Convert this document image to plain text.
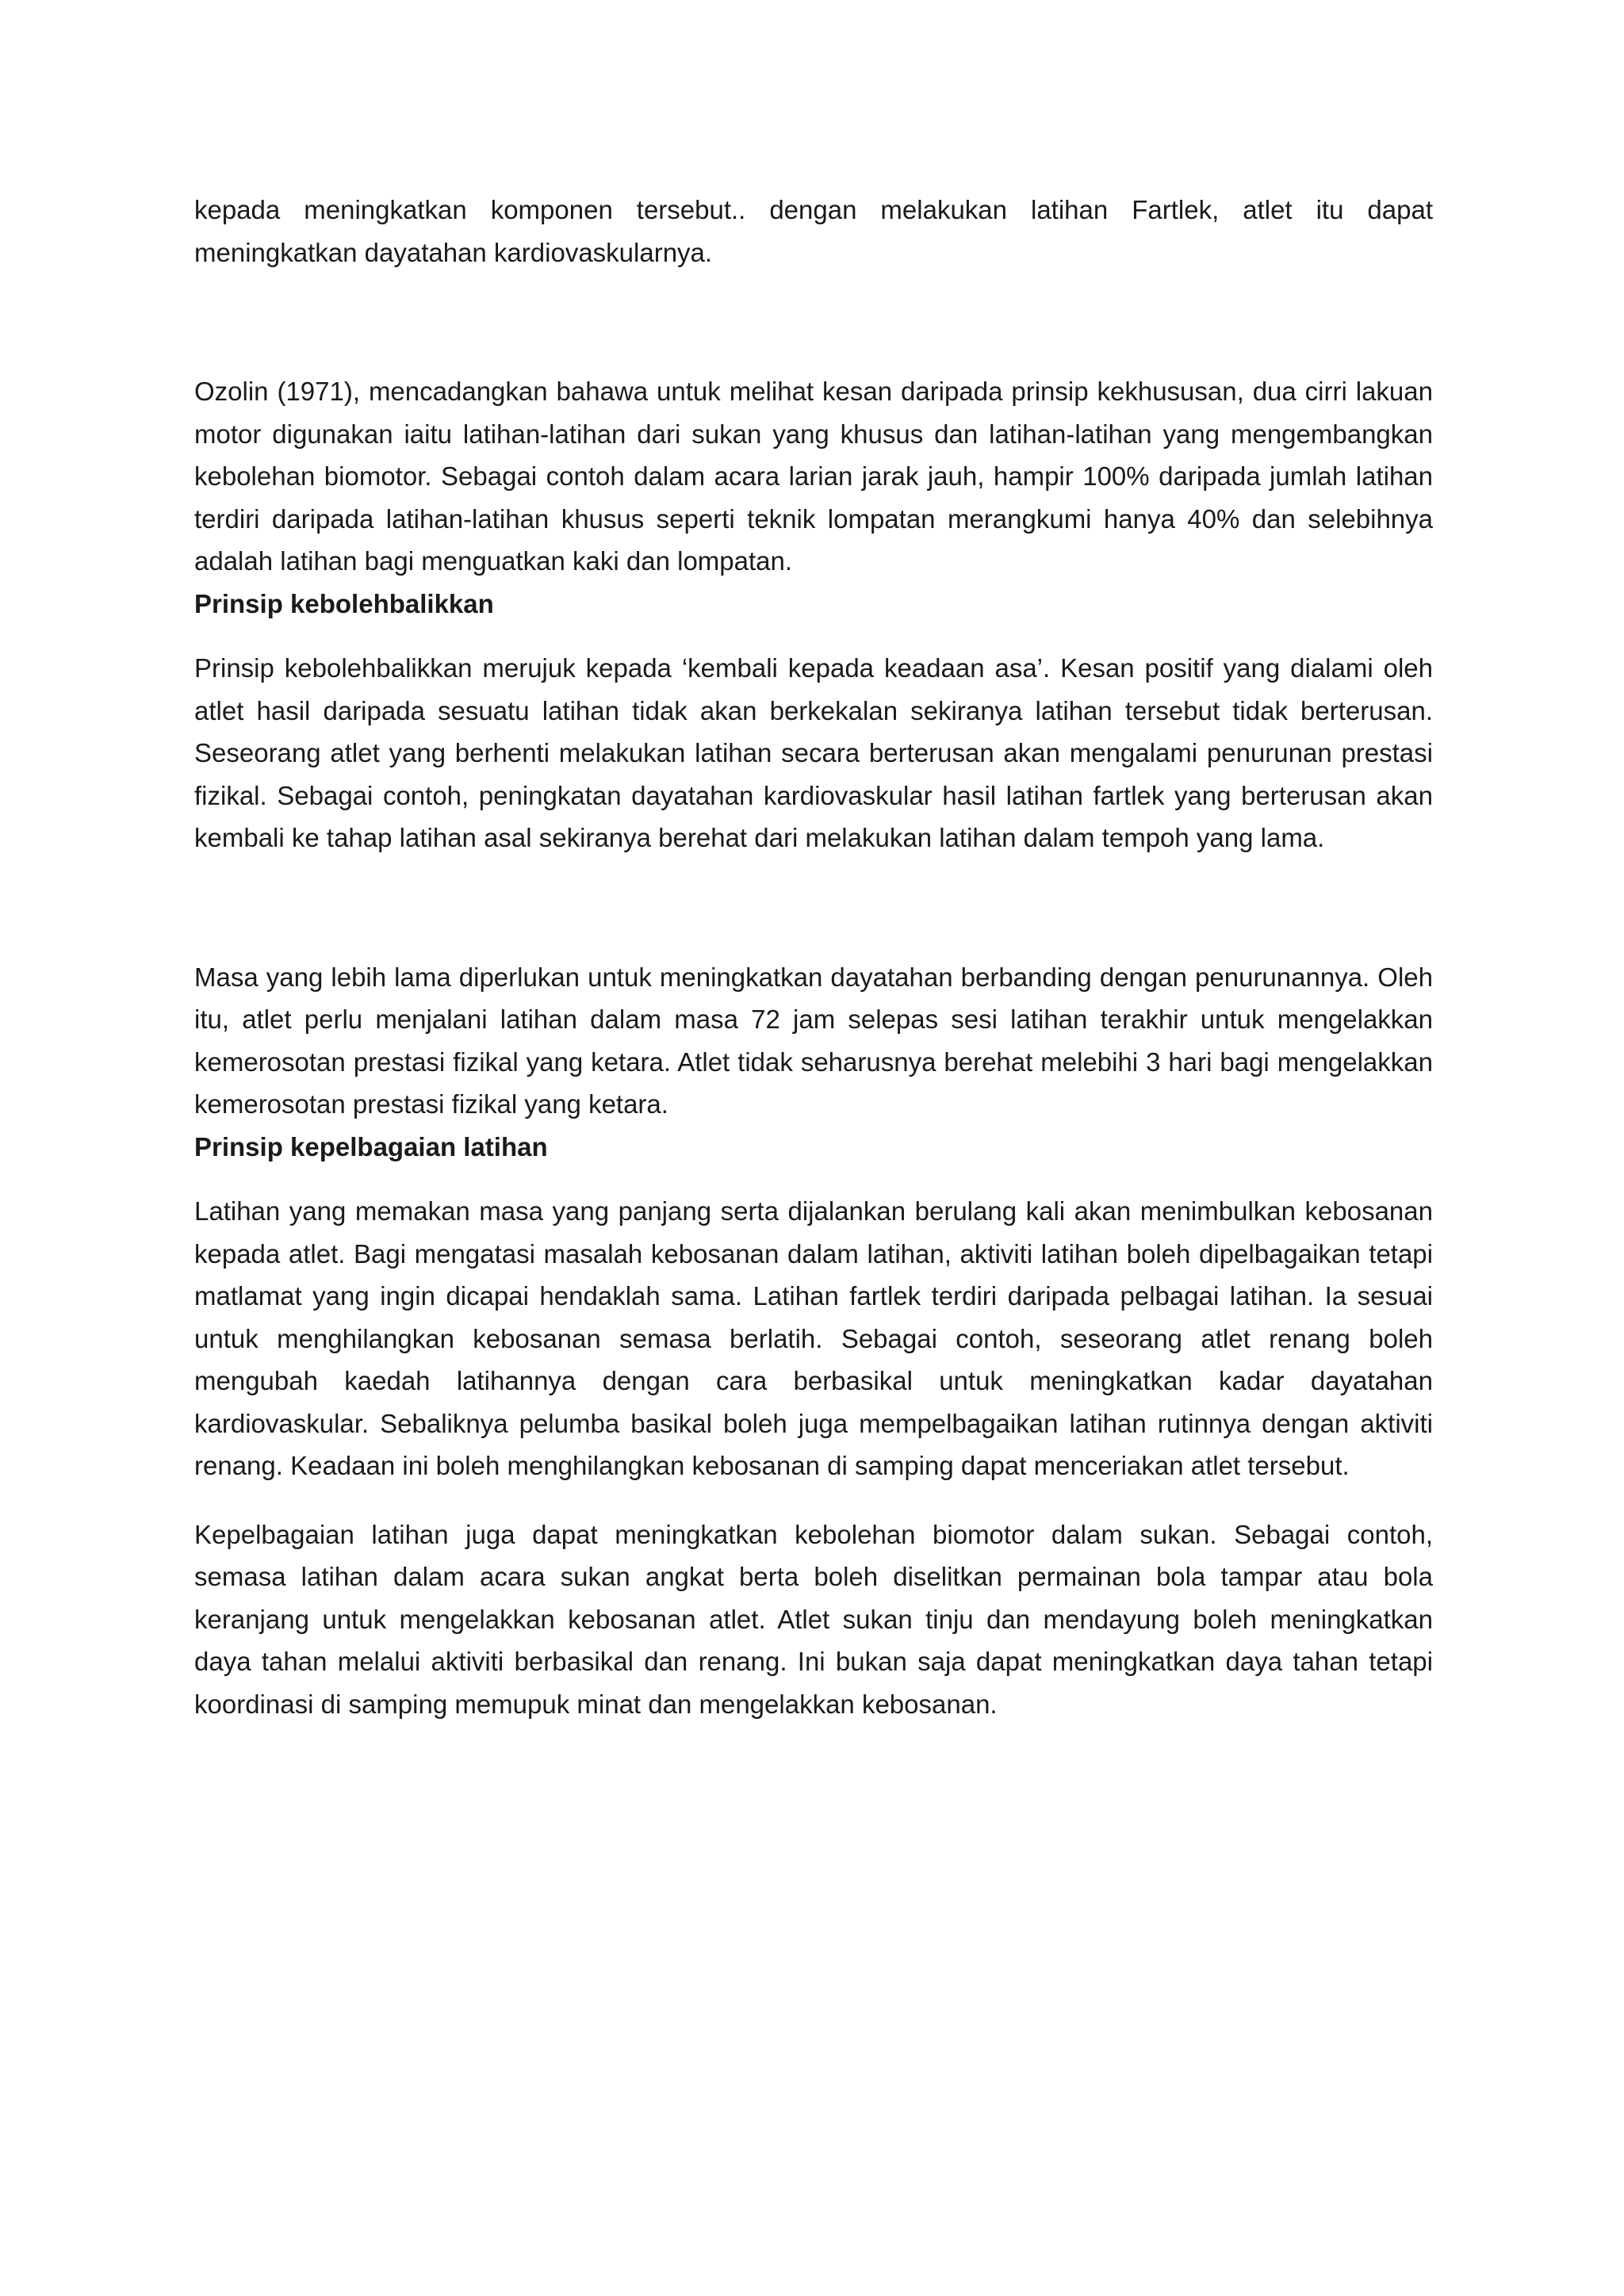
kepada meningkatkan komponen tersebut.. dengan melakukan latihan Fartlek, atlet itu dapat meningkatkan dayatahan kardiovaskularnya.

Ozolin (1971), mencadangkan bahawa untuk melihat kesan daripada prinsip kekhususan, dua cirri lakuan motor digunakan iaitu latihan-latihan dari sukan yang khusus dan latihan-latihan yang mengembangkan kebolehan biomotor. Sebagai contoh dalam acara larian jarak jauh, hampir 100% daripada jumlah latihan terdiri daripada latihan-latihan khusus seperti teknik lompatan merangkumi hanya 40% dan selebihnya adalah latihan bagi menguatkan kaki dan lompatan.

Prinsip kebolehbalikkan

Prinsip kebolehbalikkan merujuk kepada ‘kembali kepada keadaan asa’. Kesan positif yang dialami oleh atlet hasil daripada sesuatu latihan tidak akan berkekalan sekiranya latihan tersebut tidak berterusan. Seseorang atlet yang berhenti melakukan latihan secara berterusan akan mengalami penurunan prestasi fizikal. Sebagai contoh, peningkatan dayatahan kardiovaskular hasil latihan fartlek yang berterusan akan kembali ke tahap latihan asal sekiranya berehat dari melakukan latihan dalam tempoh yang lama.

Masa yang lebih lama diperlukan untuk meningkatkan dayatahan berbanding dengan penurunannya. Oleh itu, atlet perlu menjalani latihan dalam masa 72 jam selepas sesi latihan terakhir untuk mengelakkan kemerosotan prestasi fizikal yang ketara. Atlet tidak seharusnya berehat melebihi 3 hari bagi mengelakkan kemerosotan prestasi fizikal yang ketara.

Prinsip kepelbagaian latihan

Latihan yang memakan masa yang panjang serta dijalankan berulang kali akan menimbulkan kebosanan kepada atlet. Bagi mengatasi masalah kebosanan dalam latihan, aktiviti latihan boleh dipelbagaikan tetapi matlamat yang ingin dicapai hendaklah sama. Latihan fartlek terdiri daripada pelbagai latihan. Ia sesuai untuk menghilangkan kebosanan semasa berlatih. Sebagai contoh, seseorang atlet renang boleh mengubah kaedah latihannya dengan cara berbasikal untuk meningkatkan kadar dayatahan kardiovaskular. Sebaliknya pelumba basikal boleh juga mempelbagaikan latihan rutinnya dengan aktiviti renang. Keadaan ini boleh menghilangkan kebosanan di samping dapat menceriakan atlet tersebut.

Kepelbagaian latihan juga dapat meningkatkan kebolehan biomotor dalam sukan. Sebagai contoh, semasa latihan dalam acara sukan angkat berta boleh diselitkan permainan bola tampar atau bola keranjang untuk mengelakkan kebosanan atlet. Atlet sukan tinju dan mendayung boleh meningkatkan daya tahan melalui aktiviti berbasikal dan renang. Ini bukan saja dapat meningkatkan daya tahan tetapi koordinasi di samping memupuk minat dan mengelakkan kebosanan.
